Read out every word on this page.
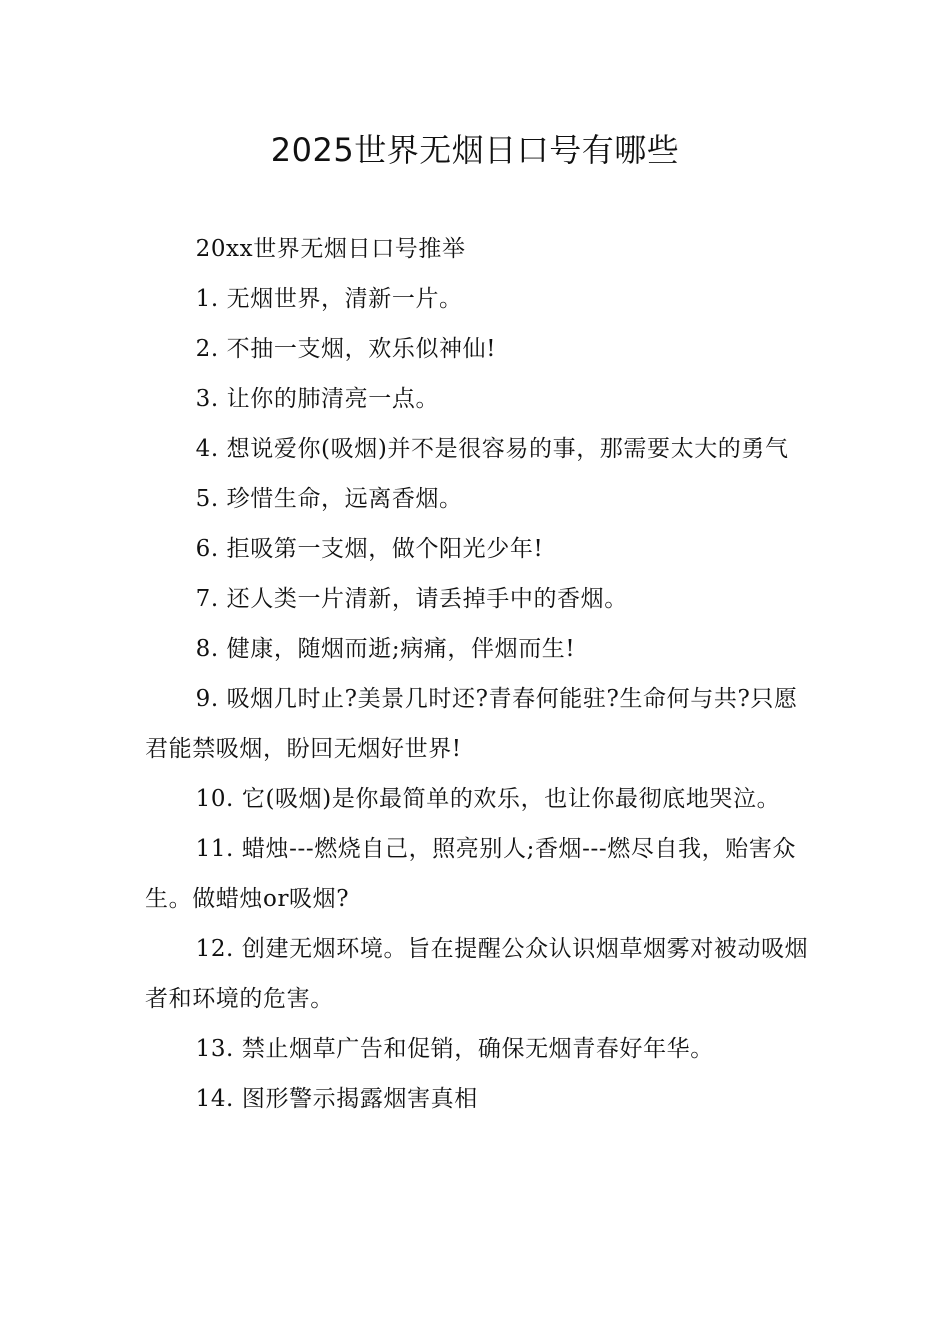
2025世界无烟日口号有哪些

20xx世界无烟日口号推举

1. 无烟世界，清新一片。

2. 不抽一支烟，欢乐似神仙!

3. 让你的肺清亮一点。

4. 想说爱你(吸烟)并不是很容易的事，那需要太大的勇气

5. 珍惜生命，远离香烟。

6. 拒吸第一支烟，做个阳光少年!

7. 还人类一片清新，请丢掉手中的香烟。

8. 健康，随烟而逝;病痛，伴烟而生!

9. 吸烟几时止?美景几时还?青春何能驻?生命何与共?只愿君能禁吸烟，盼回无烟好世界!

10. 它(吸烟)是你最简单的欢乐，也让你最彻底地哭泣。

11. 蜡烛---燃烧自己，照亮别人;香烟---燃尽自我，贻害众生。做蜡烛or吸烟?

12. 创建无烟环境。旨在提醒公众认识烟草烟雾对被动吸烟者和环境的危害。

13. 禁止烟草广告和促销，确保无烟青春好年华。

14. 图形警示揭露烟害真相
